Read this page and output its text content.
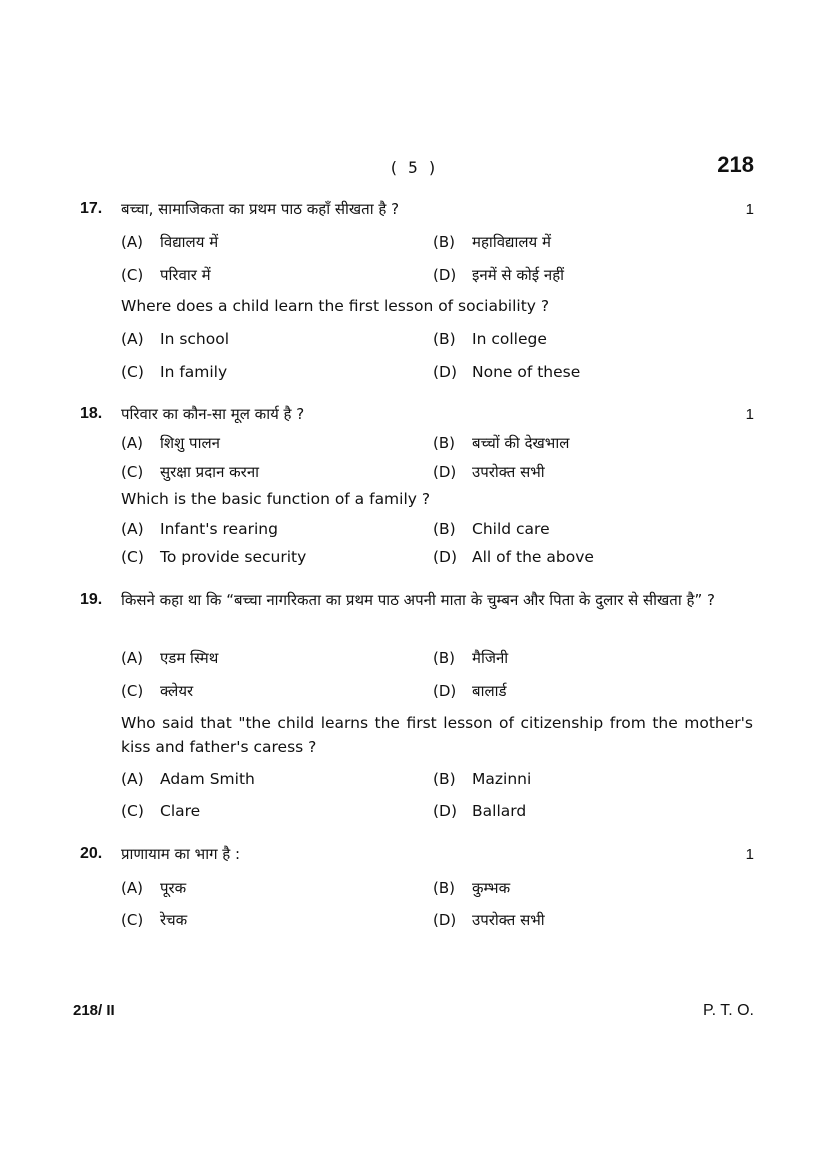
( 5 )	218
17. बच्चा, सामाजिकता का प्रथम पाठ कहाँ सीखता है ?	1
(A) विद्यालय में	(B) महाविद्यालय में
(C) परिवार में	(D) इनमें से कोई नहीं
Where does a child learn the first lesson of sociability ?
(A) In school	(B) In college
(C) In family	(D) None of these
18. परिवार का कौन-सा मूल कार्य है ?	1
(A) शिशु पालन	(B) बच्चों की देखभाल
(C) सुरक्षा प्रदान करना	(D) उपरोक्त सभी
Which is the basic function of a family ?
(A) Infant's rearing	(B) Child care
(C) To provide security	(D) All of the above
19. किसने कहा था कि “बच्चा नागरिकता का प्रथम पाठ अपनी माता के चुम्बन और पिता के दुलार से सीखता है” ?
(A) एडम स्मिथ	(B) मैजिनी
(C) क्लेयर	(D) बालार्ड
Who said that "the child learns the first lesson of citizenship from the mother's kiss and father's caress ?
(A) Adam Smith	(B) Mazinni
(C) Clare	(D) Ballard
20. प्राणायाम का भाग है :	1
(A) पूरक	(B) कुम्भक
(C) रेचक	(D) उपरोक्त सभी
218/ II	P. T. O.
